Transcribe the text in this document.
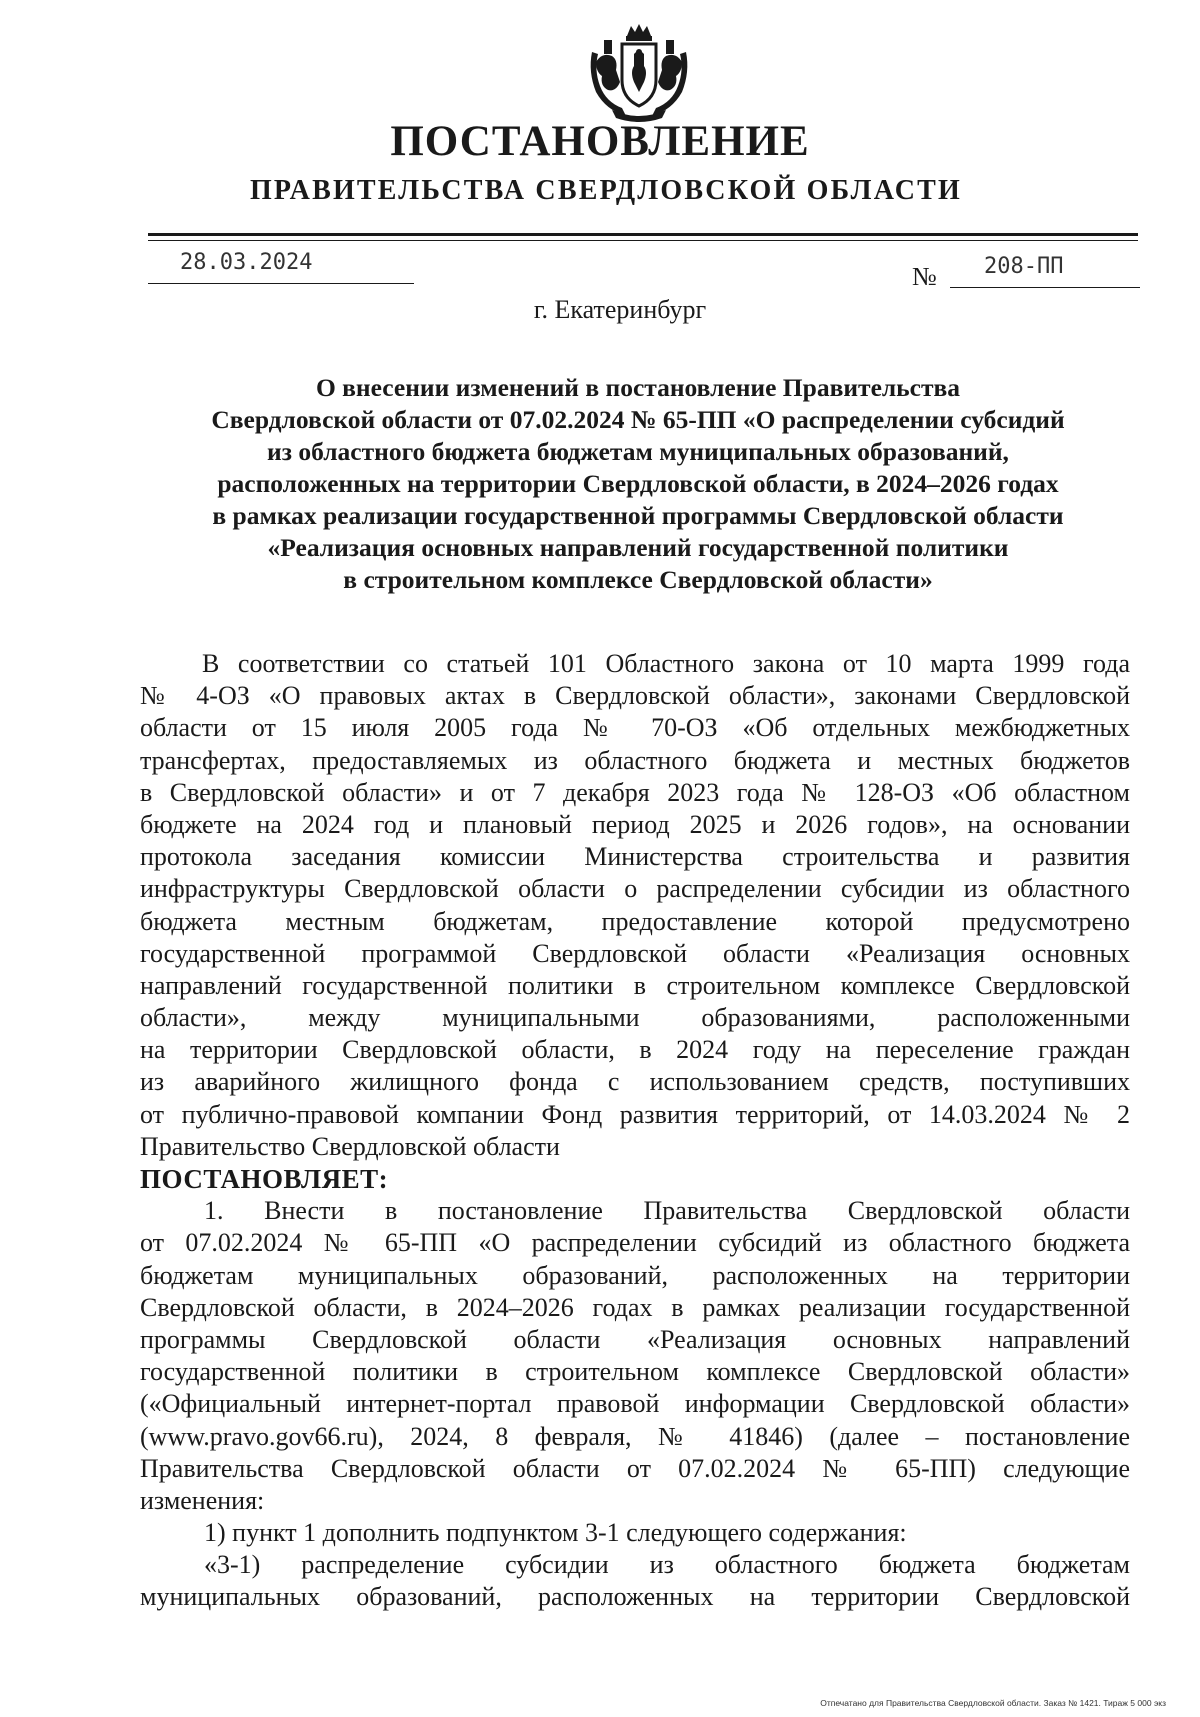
ПОСТАНОВЛЕНИЕ
ПРАВИТЕЛЬСТВА СВЕРДЛОВСКОЙ ОБЛАСТИ
28.03.2024	№ 208-ПП
г. Екатеринбург
О внесении изменений в постановление Правительства
Свердловской области от 07.02.2024 № 65-ПП «О распределении субсидий
из областного бюджета бюджетам муниципальных образований,
расположенных на территории Свердловской области, в 2024–2026 годах
в рамках реализации государственной программы Свердловской области
«Реализация основных направлений государственной политики
в строительном комплексе Свердловской области»
В соответствии со статьей 101 Областного закона от 10 марта 1999 года
№ 4-ОЗ «О правовых актах в Свердловской области», законами Свердловской
области от 15 июля 2005 года № 70-ОЗ «Об отдельных межбюджетных
трансфертах, предоставляемых из областного бюджета и местных бюджетов
в Свердловской области» и от 7 декабря 2023 года № 128-ОЗ «Об областном
бюджете на 2024 год и плановый период 2025 и 2026 годов», на основании
протокола заседания комиссии Министерства строительства и развития
инфраструктуры Свердловской области о распределении субсидии из областного
бюджета местным бюджетам, предоставление которой предусмотрено
государственной программой Свердловской области «Реализация основных
направлений государственной политики в строительном комплексе Свердловской
области», между муниципальными образованиями, расположенными
на территории Свердловской области, в 2024 году на переселение граждан
из аварийного жилищного фонда с использованием средств, поступивших
от публично-правовой компании Фонд развития территорий, от 14.03.2024 № 2
Правительство Свердловской области
ПОСТАНОВЛЯЕТ:
1. Внести в постановление Правительства Свердловской области
от 07.02.2024 № 65-ПП «О распределении субсидий из областного бюджета
бюджетам муниципальных образований, расположенных на территории
Свердловской области, в 2024–2026 годах в рамках реализации государственной
программы Свердловской области «Реализация основных направлений
государственной политики в строительном комплексе Свердловской области»
(«Официальный интернет-портал правовой информации Свердловской области»
(www.pravo.gov66.ru), 2024, 8 февраля, № 41846) (далее – постановление
Правительства Свердловской области от 07.02.2024 № 65-ПП) следующие
изменения:
1) пункт 1 дополнить подпунктом 3-1 следующего содержания:
«3-1) распределение субсидии из областного бюджета бюджетам
муниципальных образований, расположенных на территории Свердловской
Отпечатано для Правительства Свердловской области. Заказ № 1421. Тираж 5 000 экз
